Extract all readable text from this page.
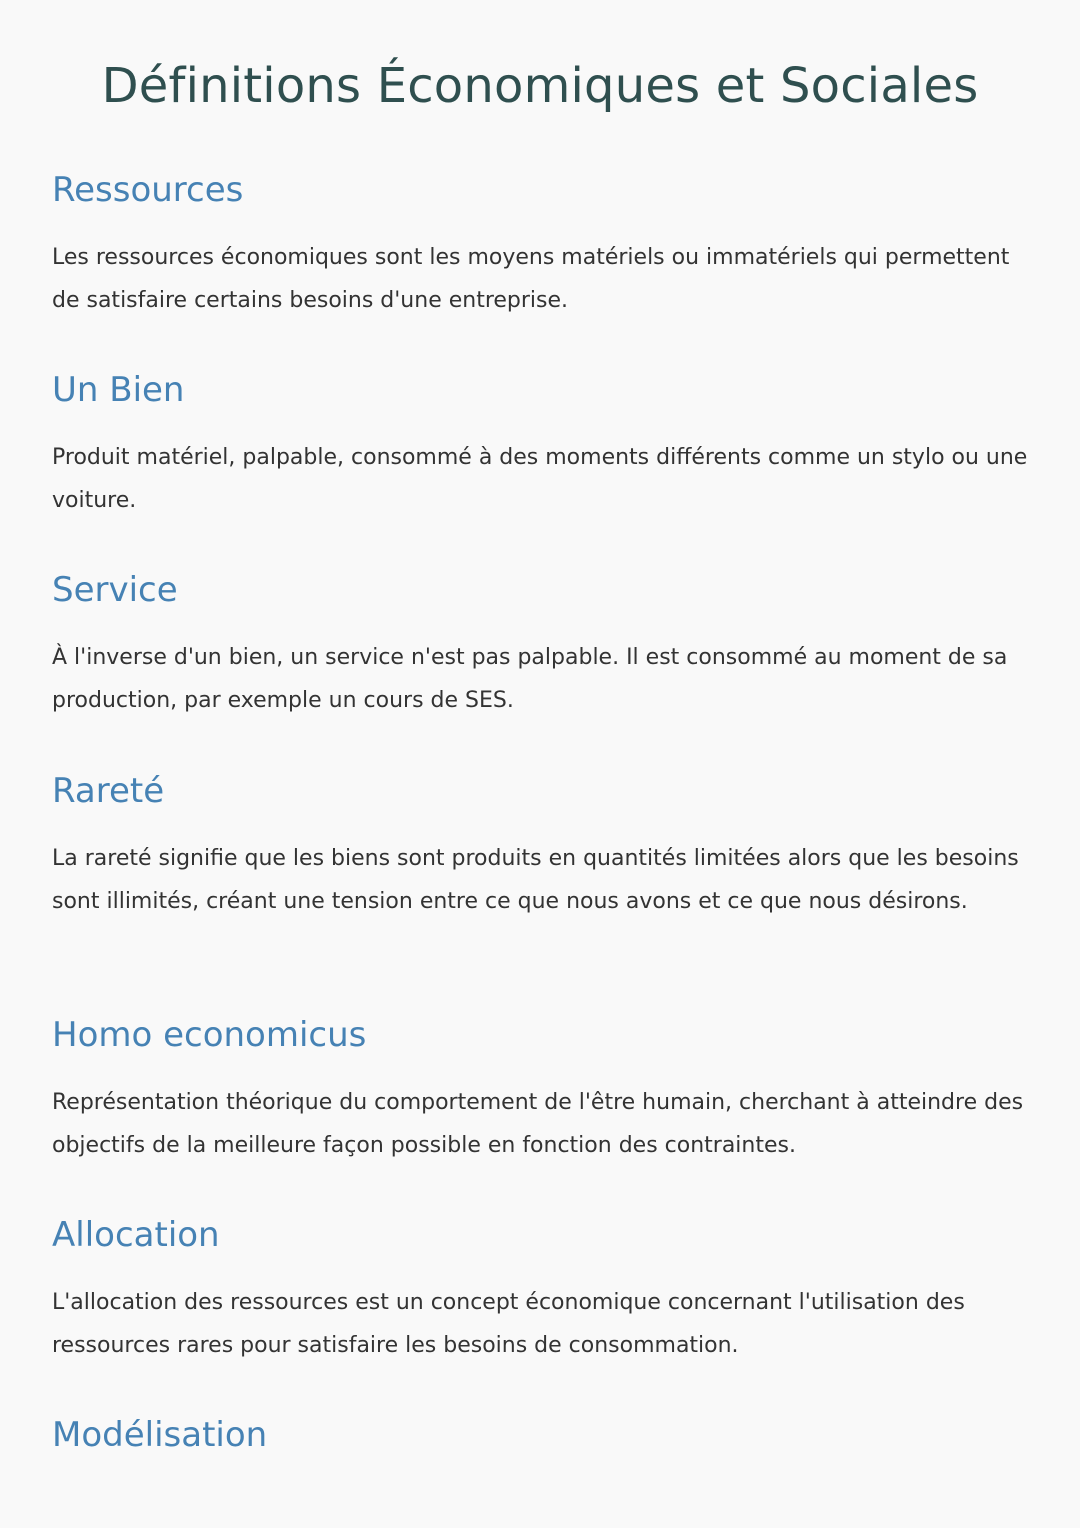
Définitions Économiques et Sociales
Ressources

Les ressources économiques sont les moyens matériels ou immatériels qui permettent de satisfaire certains besoins d'une entreprise.

Un Bien

Produit matériel, palpable, consommé à des moments différents comme un stylo ou une voiture.

Service

À l'inverse d'un bien, un service n'est pas palpable. Il est consommé au moment de sa production, par exemple un cours de SES.

Rareté

La rareté signifie que les biens sont produits en quantités limitées alors que les besoins sont illimités, créant une tension entre ce que nous avons et ce que nous désirons.

Homo economicus

Représentation théorique du comportement de l'être humain, cherchant à atteindre des objectifs de la meilleure façon possible en fonction des contraintes.

Allocation

L'allocation des ressources est un concept économique concernant l'utilisation des ressources rares pour satisfaire les besoins de consommation.

Modélisation
